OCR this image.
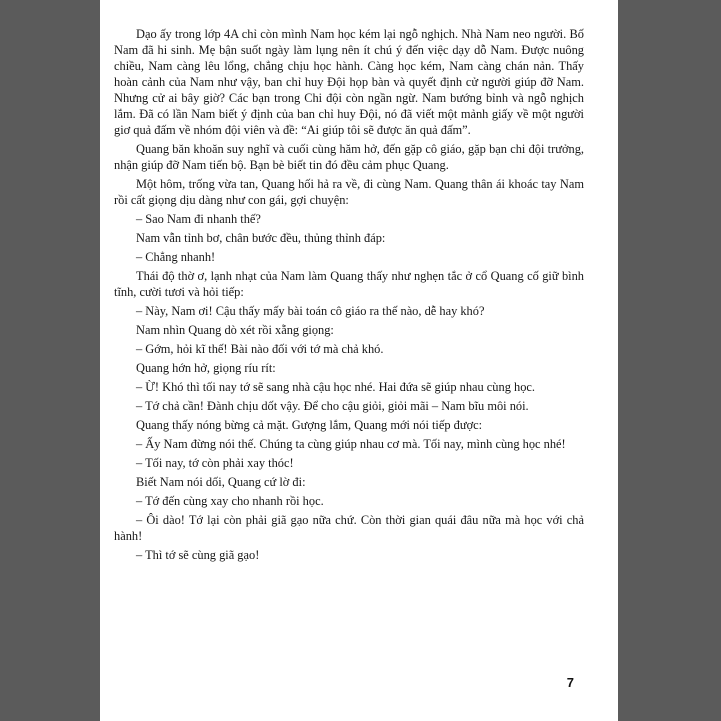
Dạo ấy trong lớp 4A chỉ còn mình Nam học kém lại ngỗ nghịch. Nhà Nam neo người. Bố Nam đã hi sinh. Mẹ bận suốt ngày làm lụng nên ít chú ý đến việc dạy dỗ Nam. Được nuông chiều, Nam càng lêu lổng, chẳng chịu học hành. Càng học kém, Nam càng chán nản. Thấy hoàn cảnh của Nam như vậy, ban chỉ huy Đội họp bàn và quyết định cử người giúp đỡ Nam. Nhưng cử ai bây giờ? Các bạn trong Chi đội còn ngần ngừ. Nam bướng bỉnh và ngỗ nghịch lắm. Đã có lần Nam biết ý định của ban chỉ huy Đội, nó đã viết một mảnh giấy về một người giơ quả đấm về nhóm đội viên và đề: “Ai giúp tôi sẽ được ăn quả đấm”.

Quang băn khoăn suy nghĩ và cuối cùng hăm hở, đến gặp cô giáo, gặp bạn chi đội trưởng, nhận giúp đỡ Nam tiến bộ. Bạn bè biết tin đó đều cảm phục Quang.

Một hôm, trống vừa tan, Quang hối hả ra về, đi cùng Nam. Quang thân ái khoác tay Nam rồi cất giọng dịu dàng như con gái, gợi chuyện:

– Sao Nam đi nhanh thế?

Nam vẫn tỉnh bơ, chân bước đều, thủng thỉnh đáp:

– Chẳng nhanh!

Thái độ thờ ơ, lạnh nhạt của Nam làm Quang thấy như nghẹn tắc ở cổ Quang cố giữ bình tĩnh, cười tươi và hỏi tiếp:

– Này, Nam ơi! Cậu thấy mấy bài toán cô giáo ra thế nào, dễ hay khó?

Nam nhìn Quang dò xét rồi xẵng giọng:

– Gớm, hỏi kĩ thế! Bài nào đối với tớ mà chả khó.

Quang hớn hở, giọng ríu rít:

– Ừ! Khó thì tối nay tớ sẽ sang nhà cậu học nhé. Hai đứa sẽ giúp nhau cùng học.

– Tớ chả cần! Đành chịu dốt vậy. Để cho cậu giỏi, giỏi mãi – Nam bĩu môi nói.

Quang thấy nóng bừng cả mặt. Gượng lắm, Quang mới nói tiếp được:

– Ấy Nam đừng nói thế. Chúng ta cùng giúp nhau cơ mà. Tối nay, mình cùng học nhé!

– Tối nay, tớ còn phải xay thóc!

Biết Nam nói dối, Quang cứ lờ đi:

– Tớ đến cùng xay cho nhanh rồi học.

– Ôi dào! Tớ lại còn phải giã gạo nữa chứ. Còn thời gian quái đâu nữa mà học với chả hành!

– Thì tớ sẽ cùng giã gạo!

7
